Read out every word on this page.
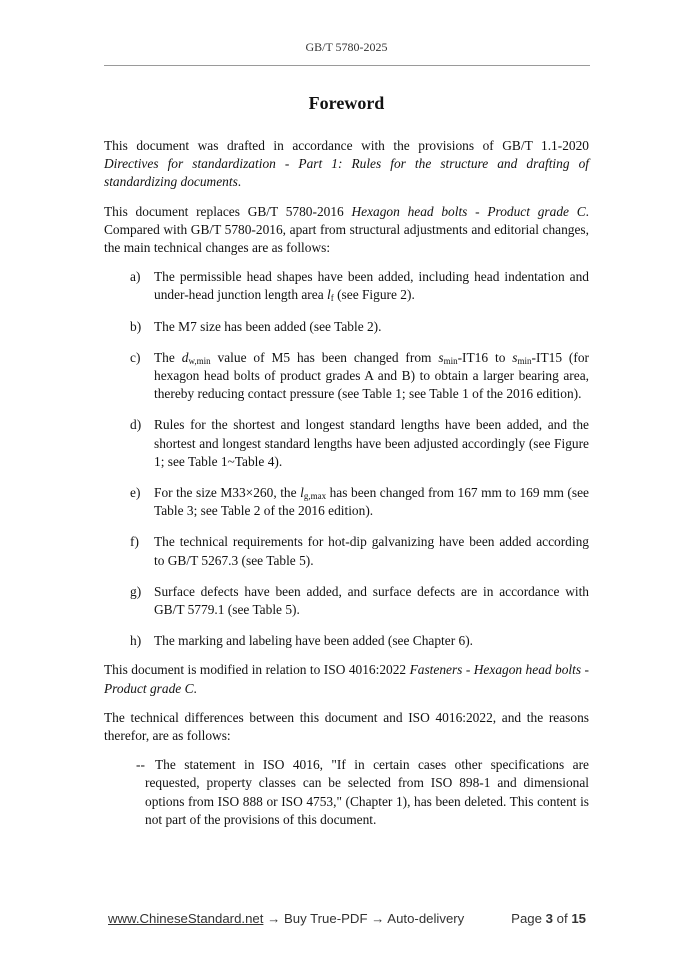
GB/T 5780-2025
Foreword

This document was drafted in accordance with the provisions of GB/T 1.1-2020 Directives for standardization - Part 1: Rules for the structure and drafting of standardizing documents.

This document replaces GB/T 5780-2016 Hexagon head bolts - Product grade C. Compared with GB/T 5780-2016, apart from structural adjustments and editorial changes, the main technical changes are as follows:

a) The permissible head shapes have been added, including head indentation and under-head junction length area $l_f$ (see Figure 2).
b) The M7 size has been added (see Table 2).
c) The $d_{w,min}$ value of M5 has been changed from $s_{min}-IT16$ to $s_{min}-IT15$ (for hexagon head bolts of product grades A and B) to obtain a larger bearing area, thereby reducing contact pressure (see Table 1; see Table 1 of the 2016 edition).
d) Rules for the shortest and longest standard lengths have been added, and the shortest and longest standard lengths have been adjusted accordingly (see Figure 1; see Table 1~Table 4).
e) For the size M33×260, the $l_{g,max}$ has been changed from 167 mm to 169 mm (see Table 3; see Table 2 of the 2016 edition).
f) The technical requirements for hot-dip galvanizing have been added according to GB/T 5267.3 (see Table 5).
g) Surface defects have been added, and surface defects are in accordance with GB/T 5779.1 (see Table 5).
h) The marking and labeling have been added (see Chapter 6).

This document is modified in relation to ISO 4016:2022 Fasteners - Hexagon head bolts - Product grade C.

The technical differences between this document and ISO 4016:2022, and the reasons therefor, are as follows:

-- The statement in ISO 4016, "If in certain cases other specifications are requested, property classes can be selected from ISO 898-1 and dimensional options from ISO 888 or ISO 4753," (Chapter 1), has been deleted. This content is not part of the provisions of this document.
www.ChineseStandard.net → Buy True-PDF → Auto-delivery	Page 3 of 15
